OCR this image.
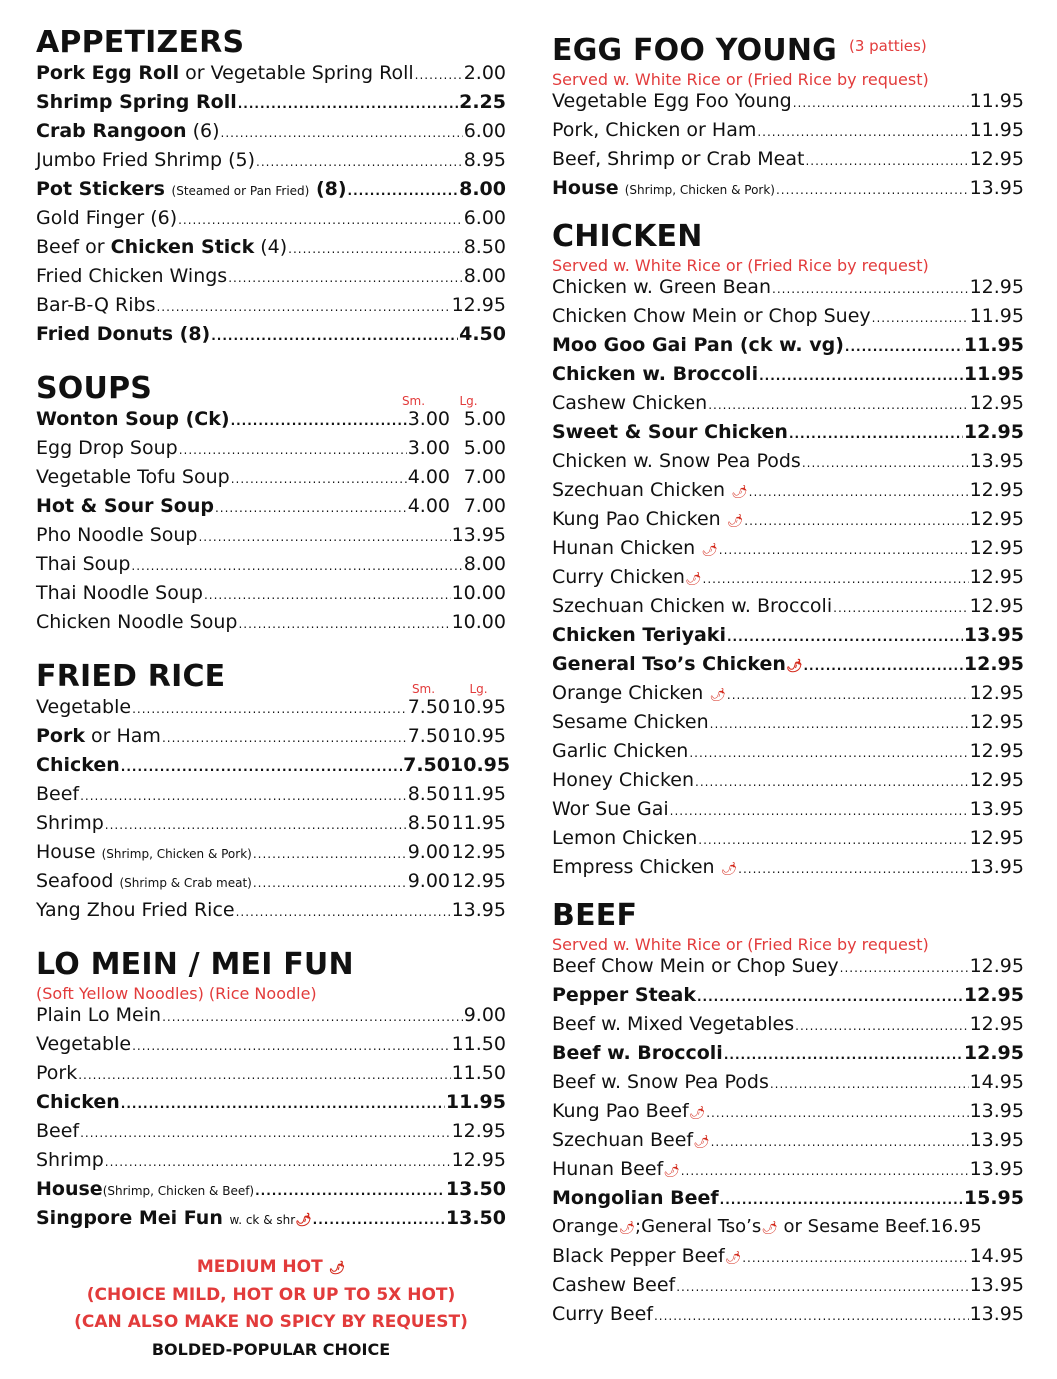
APPETIZERS
Pork Egg Roll or Vegetable Spring Roll .....	2.00
Shrimp Spring Roll .....	2.25
Crab Rangoon (6) .....	6.00
Jumbo Fried Shrimp (5) .....	8.95
Pot Stickers (Steamed or Pan Fried) (8) .....	8.00
Gold Finger (6) .....	6.00
Beef or Chicken Stick (4) .....	8.50
Fried Chicken Wings .....	8.00
Bar-B-Q Ribs .....	12.95
Fried Donuts (8) .....	4.50
SOUPS	Sm.	Lg.
Wonton Soup (Ck) .....	3.00 5.00
Egg Drop Soup .....	3.00 5.00
Vegetable Tofu Soup .....	4.00 7.00
Hot & Sour Soup .....	4.00 7.00
Pho Noodle Soup .....	13.95
Thai Soup .....	8.00
Thai Noodle Soup .....	10.00
Chicken Noodle Soup .....	10.00
FRIED RICE	Sm.	Lg.
Vegetable .....	7.50 10.95
Pork or Ham .....	7.50 10.95
Chicken .....	7.50 10.95
Beef .....	8.50 11.95
Shrimp .....	8.50 11.95
House (Shrimp, Chicken & Pork) .....	9.00 12.95
Seafood (Shrimp & Crab meat) .....	9.00 12.95
Yang Zhou Fried Rice .....	13.95
LO MEIN / MEI FUN
(Soft Yellow Noodles) (Rice Noodle)
Plain Lo Mein .....	9.00
Vegetable .....	11.50
Pork .....	11.50
Chicken .....	11.95
Beef .....	12.95
Shrimp .....	12.95
House(Shrimp, Chicken & Beef) .....	13.50
Singpore Mei Fun w. ck & shr🌶 .....	13.50
MEDIUM HOT 🌶
(CHOICE MILD, HOT OR UP TO 5X HOT)
(CAN ALSO MAKE NO SPICY BY REQUEST)
BOLDED-POPULAR CHOICE
EGG FOO YOUNG (3 patties)
Served w. White Rice or (Fried Rice by request)
Vegetable Egg Foo Young .....	11.95
Pork, Chicken or Ham .....	11.95
Beef, Shrimp or Crab Meat .....	12.95
House (Shrimp, Chicken & Pork) .....	13.95
CHICKEN
Served w. White Rice or (Fried Rice by request)
Chicken w. Green Bean .....	12.95
Chicken Chow Mein or Chop Suey .....	11.95
Moo Goo Gai Pan (ck w. vg) .....	11.95
Chicken w. Broccoli .....	11.95
Cashew Chicken .....	12.95
Sweet & Sour Chicken .....	12.95
Chicken w. Snow Pea Pods .....	13.95
Szechuan Chicken 🌶 .....	12.95
Kung Pao Chicken 🌶 .....	12.95
Hunan Chicken 🌶 .....	12.95
Curry Chicken🌶 .....	12.95
Szechuan Chicken w. Broccoli .....	12.95
Chicken Teriyaki .....	13.95
General Tso’s Chicken🌶 .....	12.95
Orange Chicken 🌶 .....	12.95
Sesame Chicken .....	12.95
Garlic Chicken .....	12.95
Honey Chicken .....	12.95
Wor Sue Gai .....	13.95
Lemon Chicken .....	12.95
Empress Chicken 🌶 .....	13.95
BEEF
Served w. White Rice or (Fried Rice by request)
Beef Chow Mein or Chop Suey .....	12.95
Pepper Steak .....	12.95
Beef w. Mixed Vegetables .....	12.95
Beef w. Broccoli .....	12.95
Beef w. Snow Pea Pods .....	14.95
Kung Pao Beef🌶 .....	13.95
Szechuan Beef🌶 .....	13.95
Hunan Beef🌶 .....	13.95
Mongolian Beef .....	15.95
Orange🌶;General Tso’s🌶 or Sesame Beef. 16.95
Black Pepper Beef🌶 .....	14.95
Cashew Beef .....	13.95
Curry Beef .....	13.95
